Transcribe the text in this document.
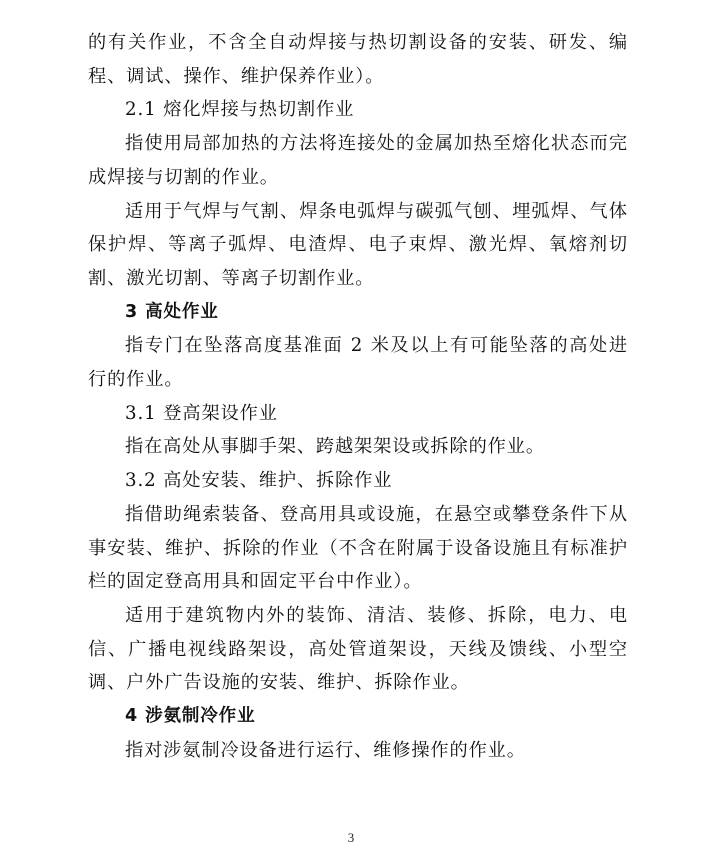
的有关作业，不含全自动焊接与热切割设备的安装、研发、编程、调试、操作、维护保养作业）。

2.1 熔化焊接与热切割作业

指使用局部加热的方法将连接处的金属加热至熔化状态而完成焊接与切割的作业。

适用于气焊与气割、焊条电弧焊与碳弧气刨、埋弧焊、气体保护焊、等离子弧焊、电渣焊、电子束焊、激光焊、氧熔剂切割、激光切割、等离子切割作业。

3 高处作业

指专门在坠落高度基准面 2 米及以上有可能坠落的高处进行的作业。

3.1 登高架设作业

指在高处从事脚手架、跨越架架设或拆除的作业。

3.2 高处安装、维护、拆除作业

指借助绳索装备、登高用具或设施，在悬空或攀登条件下从事安装、维护、拆除的作业（不含在附属于设备设施且有标准护栏的固定登高用具和固定平台中作业）。

适用于建筑物内外的装饰、清洁、装修、拆除，电力、电信、广播电视线路架设，高处管道架设，天线及馈线、小型空调、户外广告设施的安装、维护、拆除作业。

4 涉氨制冷作业

指对涉氨制冷设备进行运行、维修操作的作业。

3
